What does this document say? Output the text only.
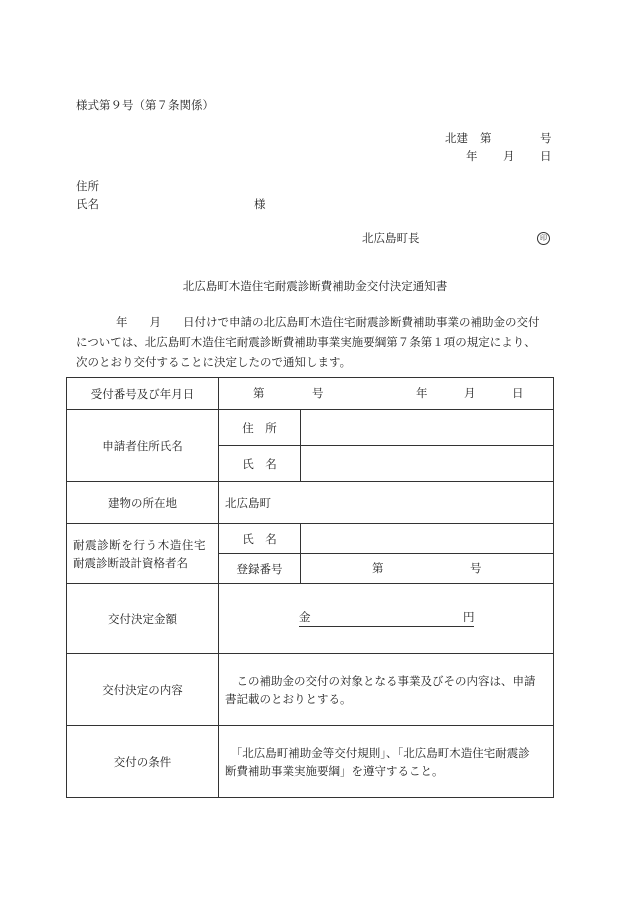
様式第９号（第７条関係）
北建 第	号
年 月 日
住所
氏名	様
北広島町長	印
北広島町木造住宅耐震診断費補助金交付決定通知書

年 月 日付けで申請の北広島町木造住宅耐震診断費補助事業の補助金の交付

については、北広島町木造住宅耐震診断費補助事業実施要綱第７条第１項の規定により、

次のとおり交付することに決定したので通知します。

受付番号及び年月日	第 号 年 月 日	

申請者住所氏名	住　所	
	氏　名	
建物の所在地	北広島町	

耐震診断を行う木造住宅
耐震診断設計資格者名	氏　名	
	登録番号	第 号

交付決定金額	金 円	

交付決定の内容	　この補助金の交付の対象となる事業及びその内容は、申請
書記載のとおりとする。	

交付の条件	　「北広島町補助金等交付規則」、「北広島町木造住宅耐震診
断費補助事業実施要綱」を遵守すること。	
